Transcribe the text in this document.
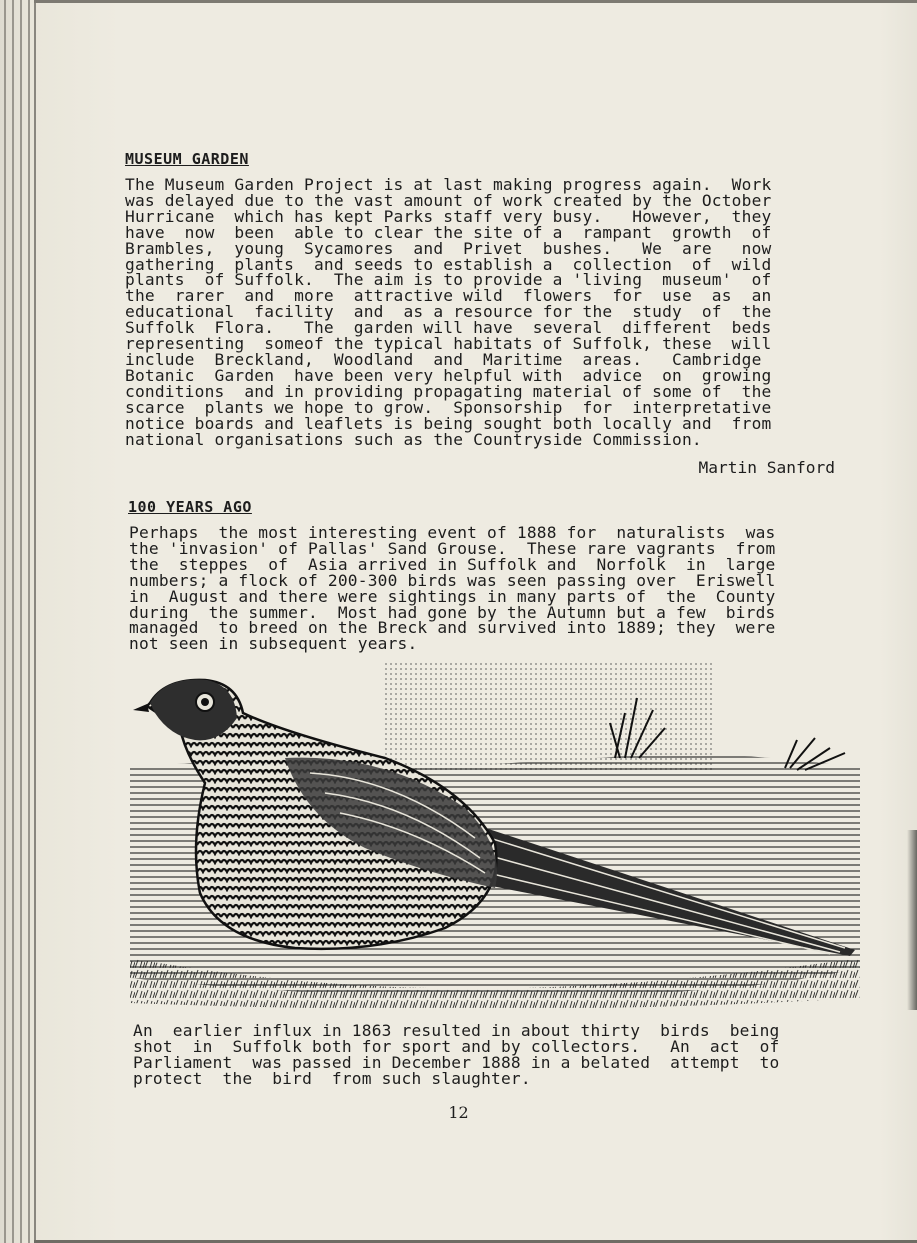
MUSEUM GARDEN
The Museum Garden Project is at last making progress again.  Work
was delayed due to the vast amount of work created by the October
Hurricane  which has kept Parks staff very busy.   However,  they
have  now  been  able to clear the site of a  rampant  growth  of
Brambles,  young  Sycamores  and  Privet  bushes.   We  are   now
gathering  plants  and seeds to establish a  collection  of  wild
plants  of Suffolk.  The aim is to provide a 'living  museum'  of
the  rarer  and  more  attractive wild  flowers  for  use  as  an
educational  facility  and  as a resource for the  study  of  the
Suffolk  Flora.   The  garden will have  several  different  beds
representing  someof the typical habitats of Suffolk, these  will
include  Breckland,  Woodland  and  Maritime  areas.   Cambridge
Botanic  Garden  have been very helpful with  advice  on  growing
conditions  and in providing propagating material of some of  the
scarce  plants we hope to grow.  Sponsorship  for  interpretative
notice boards and leaflets is being sought both locally and  from
national organisations such as the Countryside Commission.
Martin Sanford
100 YEARS AGO
Perhaps  the most interesting event of 1888 for  naturalists  was
the 'invasion' of Pallas' Sand Grouse.  These rare vagrants  from
the  steppes  of  Asia arrived in Suffolk and  Norfolk  in  large
numbers; a flock of 200-300 birds was seen passing over  Eriswell
in  August and there were sightings in many parts of  the  County
during  the summer.  Most had gone by the Autumn but a few  birds
managed  to breed on the Breck and survived into 1889; they  were
not seen in subsequent years.
An  earlier influx in 1863 resulted in about thirty  birds  being
shot  in  Suffolk both for sport and by collectors.   An  act  of
Parliament  was passed in December 1888 in a belated  attempt  to
protect  the  bird  from such slaughter.
12
